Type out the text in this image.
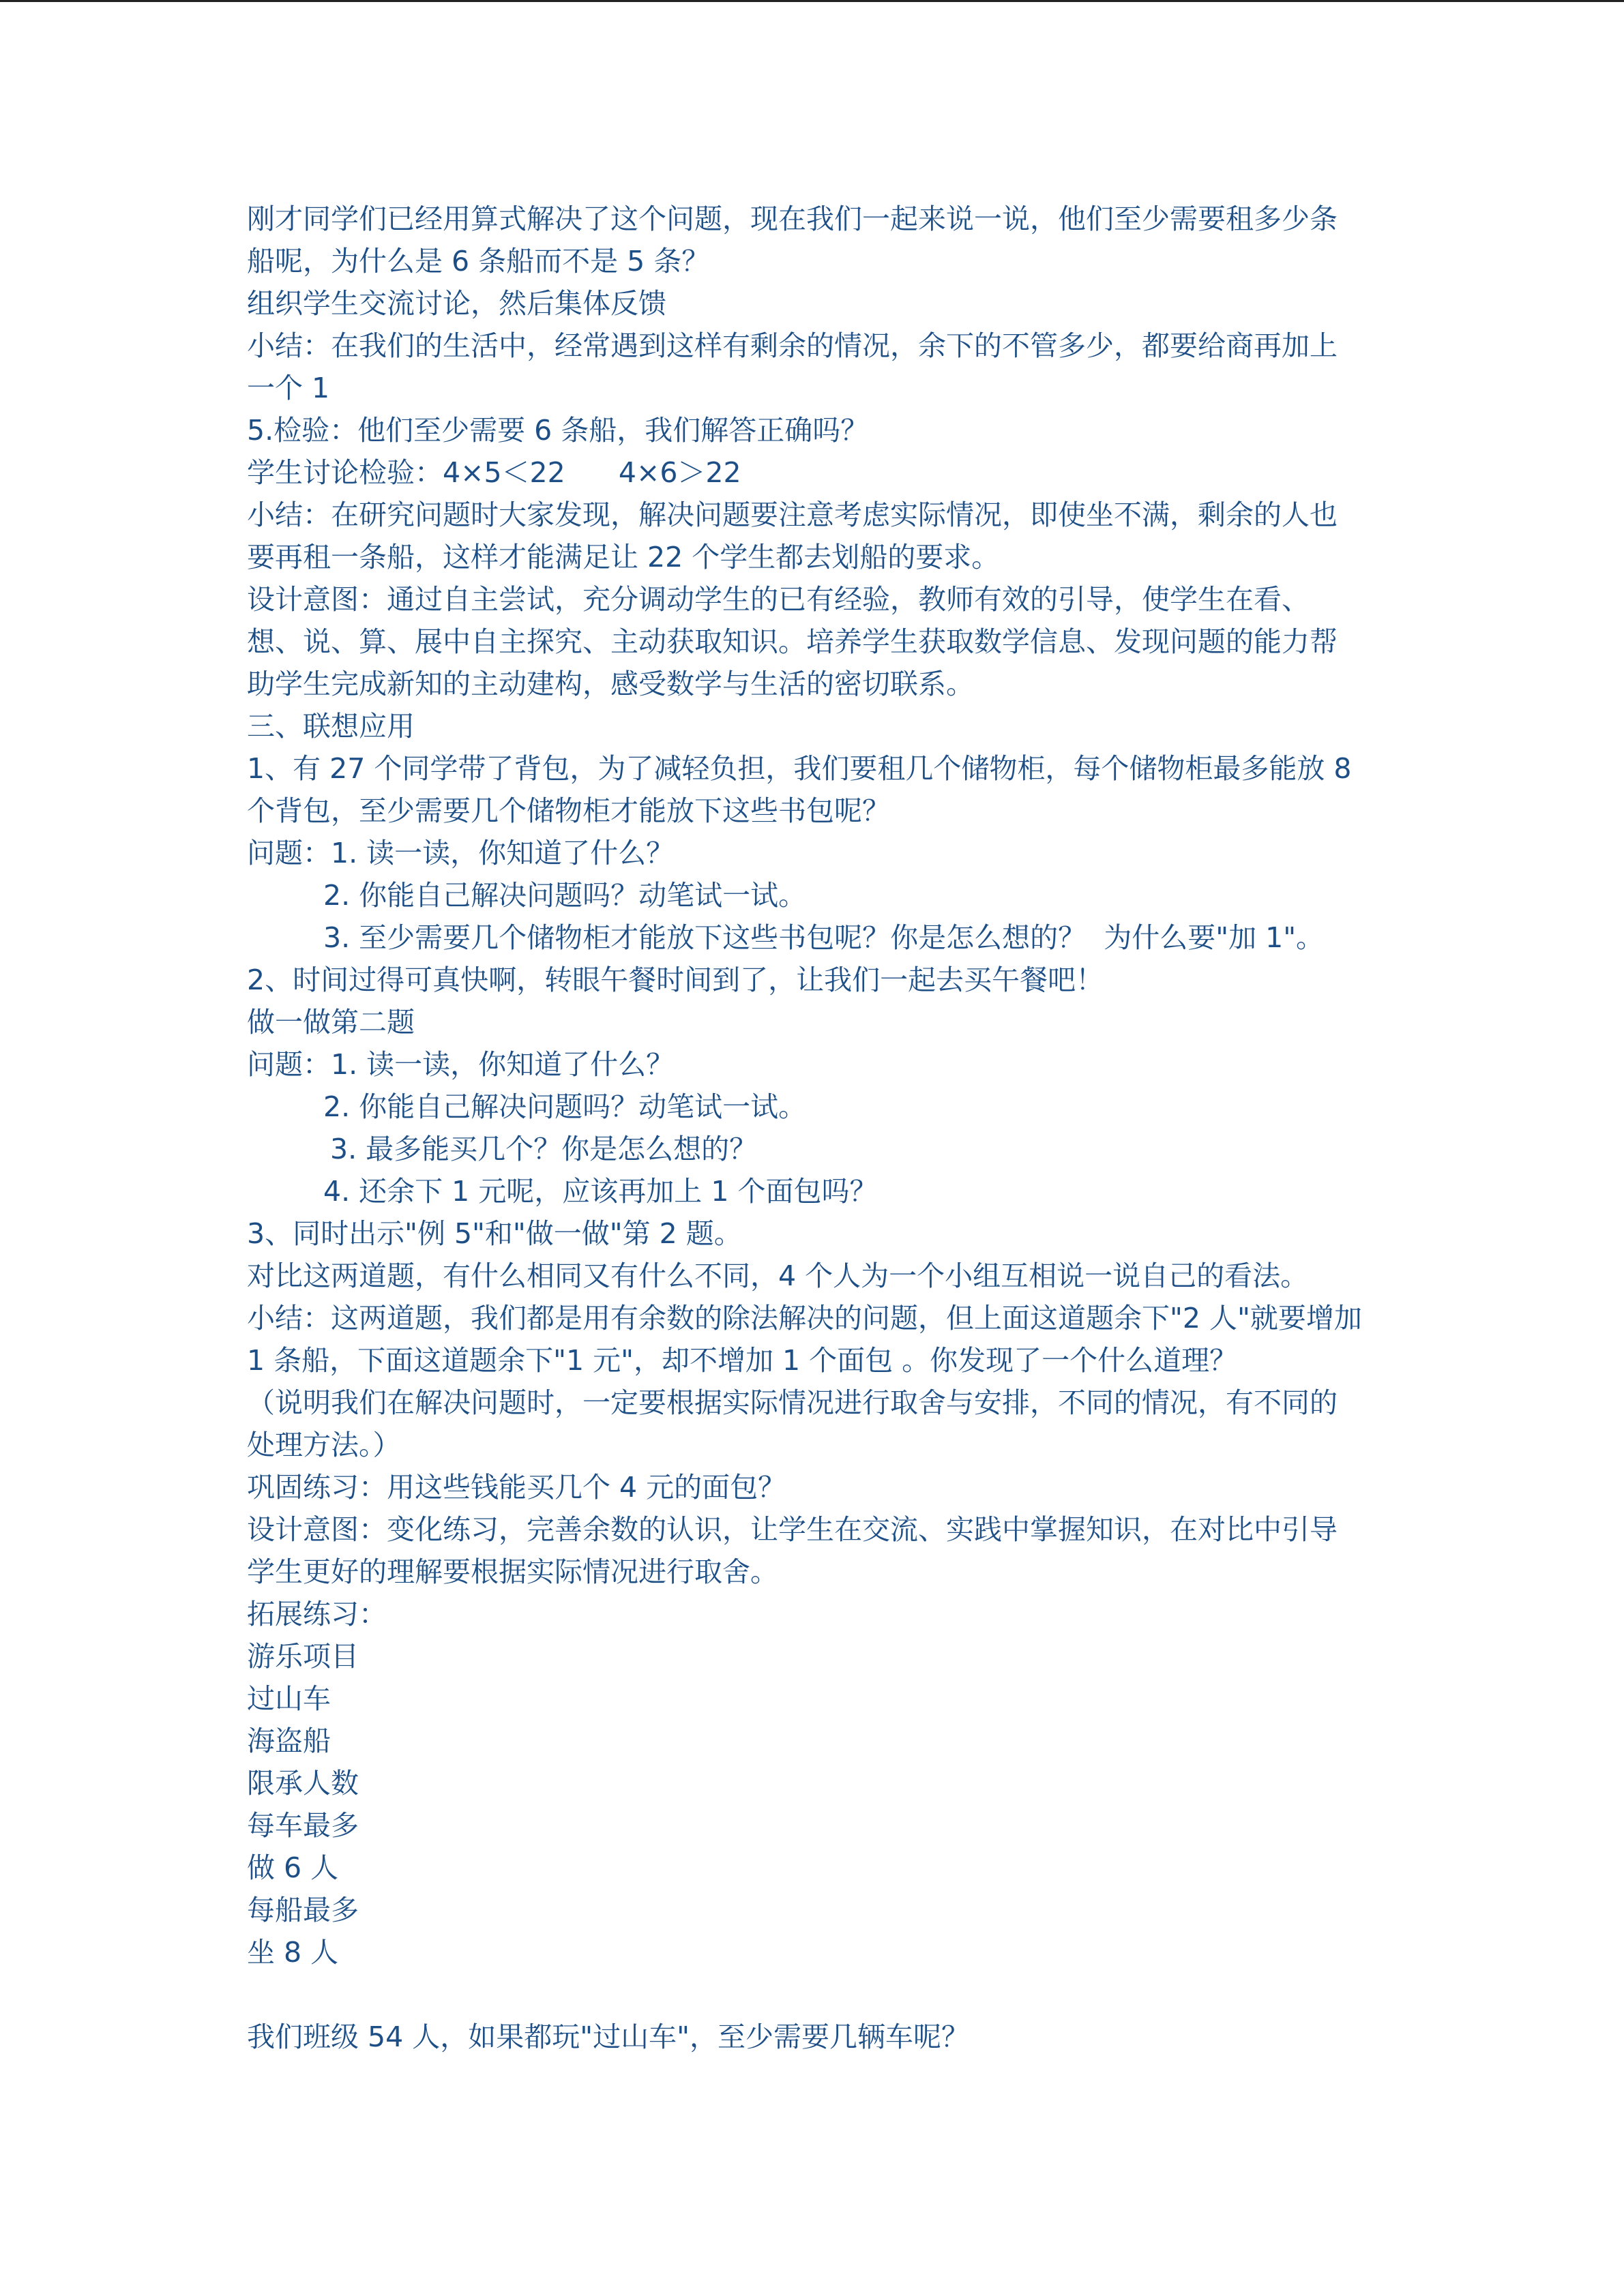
刚才同学们已经用算式解决了这个问题，现在我们一起来说一说，他们至少需要租多少条
船呢，为什么是 6 条船而不是 5 条？
组织学生交流讨论，然后集体反馈
小结：在我们的生活中，经常遇到这样有剩余的情况，余下的不管多少，都要给商再加上
一个 1
5.检验：他们至少需要 6 条船，我们解答正确吗？
学生讨论检验：4×5＜22      4×6＞22
小结：在研究问题时大家发现，解决问题要注意考虑实际情况，即使坐不满，剩余的人也
要再租一条船，这样才能满足让 22 个学生都去划船的要求。
设计意图：通过自主尝试，充分调动学生的已有经验，教师有效的引导，使学生在看、
想、说、算、展中自主探究、主动获取知识。培养学生获取数学信息、发现问题的能力帮
助学生完成新知的主动建构，感受数学与生活的密切联系。
三、联想应用
1、有 27 个同学带了背包，为了减轻负担，我们要租几个储物柜，每个储物柜最多能放 8
个背包，至少需要几个储物柜才能放下这些书包呢？
问题：1. 读一读，你知道了什么？
2. 你能自己解决问题吗？动笔试一试。
3. 至少需要几个储物柜才能放下这些书包呢？你是怎么想的？  为什么要"加 1"。
2、时间过得可真快啊，转眼午餐时间到了，让我们一起去买午餐吧！
做一做第二题
问题：1. 读一读，你知道了什么？
2. 你能自己解决问题吗？动笔试一试。
3. 最多能买几个？你是怎么想的？
4. 还余下 1 元呢，应该再加上 1 个面包吗？
3、同时出示"例 5"和"做一做"第 2 题。
对比这两道题，有什么相同又有什么不同，4 个人为一个小组互相说一说自己的看法。
小结：这两道题，我们都是用有余数的除法解决的问题，但上面这道题余下"2 人"就要增加
1 条船，下面这道题余下"1 元"，却不增加 1 个面包 。你发现了一个什么道理？
（说明我们在解决问题时，一定要根据实际情况进行取舍与安排，不同的情况，有不同的
处理方法。）
巩固练习：用这些钱能买几个 4 元的面包？
设计意图：变化练习，完善余数的认识，让学生在交流、实践中掌握知识，在对比中引导
学生更好的理解要根据实际情况进行取舍。
拓展练习：
游乐项目
过山车
海盗船
限承人数
每车最多
做 6 人
每船最多
坐 8 人
我们班级 54 人，如果都玩"过山车"，至少需要几辆车呢？
